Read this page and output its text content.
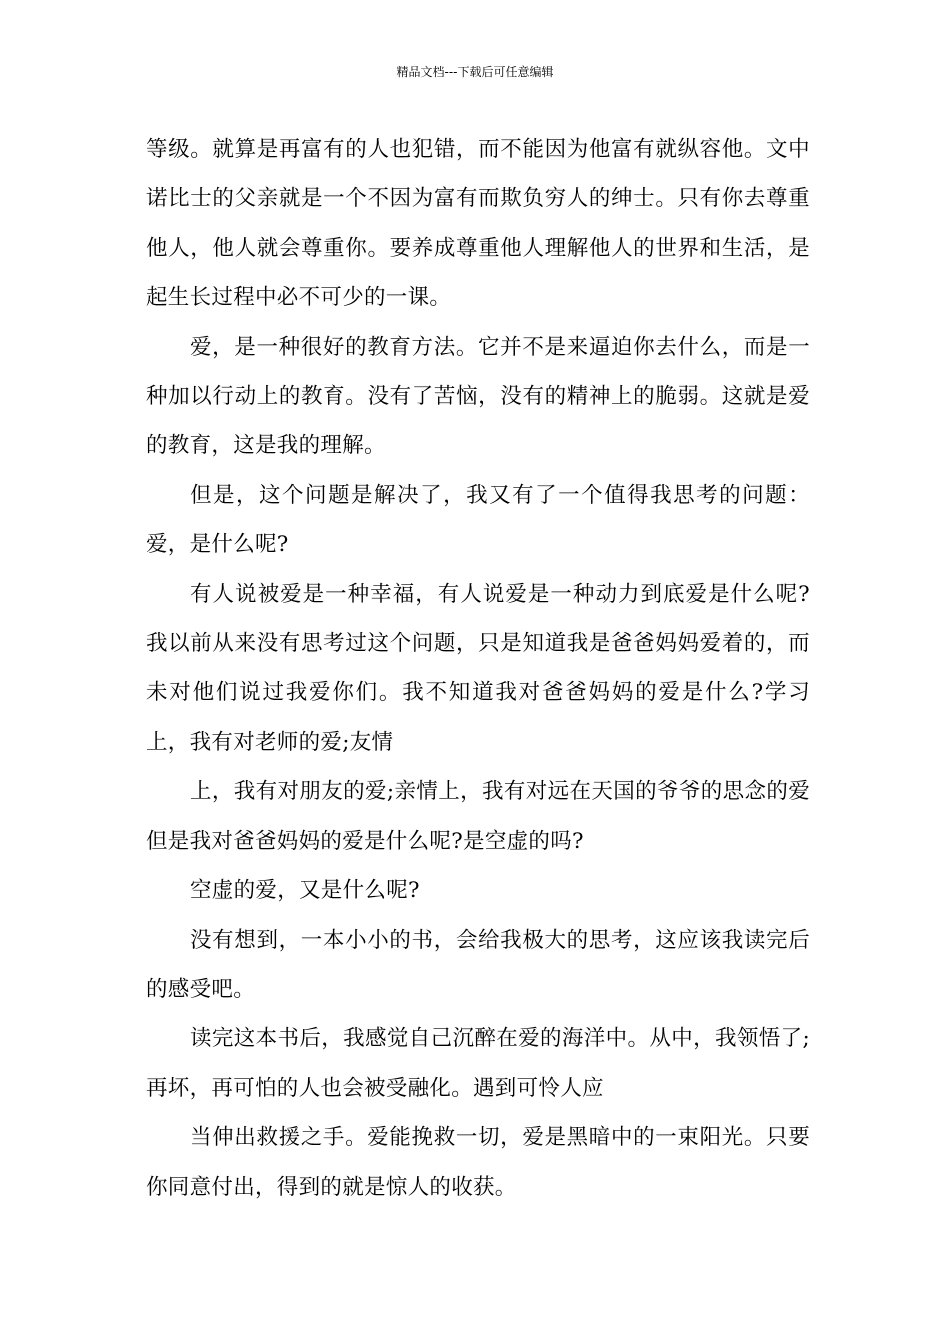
精品文档---下载后可任意编辑

等级。就算是再富有的人也犯错，而不能因为他富有就纵容他。文中诺比士的父亲就是一个不因为富有而欺负穷人的绅士。只有你去尊重他人，他人就会尊重你。要养成尊重他人理解他人的世界和生活，是起生长过程中必不可少的一课。

爱，是一种很好的教育方法。它并不是来逼迫你去什么，而是一种加以行动上的教育。没有了苦恼，没有的精神上的脆弱。这就是爱的教育，这是我的理解。

但是，这个问题是解决了，我又有了一个值得我思考的问题：爱，是什么呢?

有人说被爱是一种幸福，有人说爱是一种动力到底爱是什么呢?我以前从来没有思考过这个问题，只是知道我是爸爸妈妈爱着的，而未对他们说过我爱你们。我不知道我对爸爸妈妈的爱是什么?学习上，我有对老师的爱;友情

上，我有对朋友的爱;亲情上，我有对远在天国的爷爷的思念的爱但是我对爸爸妈妈的爱是什么呢?是空虚的吗?

空虚的爱，又是什么呢?

没有想到，一本小小的书，会给我极大的思考，这应该我读完后的感受吧。

读完这本书后，我感觉自己沉醉在爱的海洋中。从中，我领悟了;再坏，再可怕的人也会被受融化。遇到可怜人应

当伸出救援之手。爱能挽救一切，爱是黑暗中的一束阳光。只要你同意付出，得到的就是惊人的收获。
